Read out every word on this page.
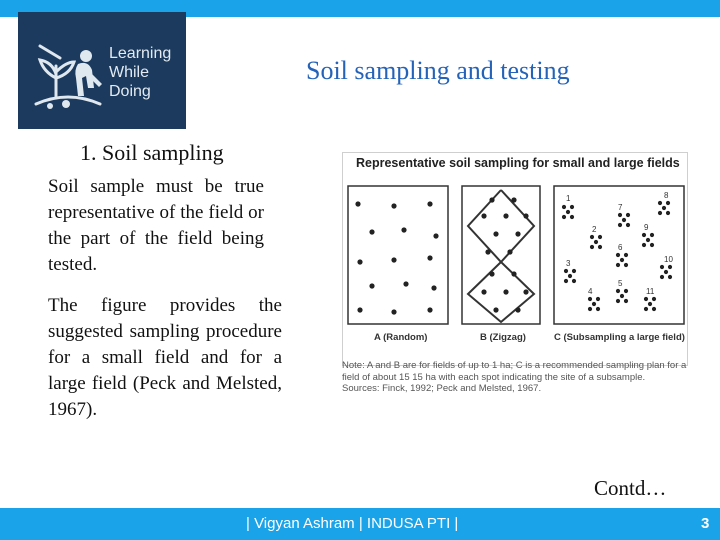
Learning
While
Doing
Soil sampling and testing
1. Soil sampling
Soil sample must be true representative of the field or the part of the field being tested.
The figure provides the suggested sampling procedure for a small field and for a large field (Peck and Melsted, 1967).
Representative soil sampling for small and large fields
1
2
3
4
5
6
7
8
9
10
11
A (Random)	B (Zigzag)	C (Subsampling a large field)
Note: A and B are for fields of up to 1 ha; C is a recommended sampling plan for a field of about 15 15 ha with each spot indicating the site of a subsample.
Sources: Finck, 1992; Peck and Melsted, 1967.
Contd…
| Vigyan Ashram | INDUSA PTI |	3
